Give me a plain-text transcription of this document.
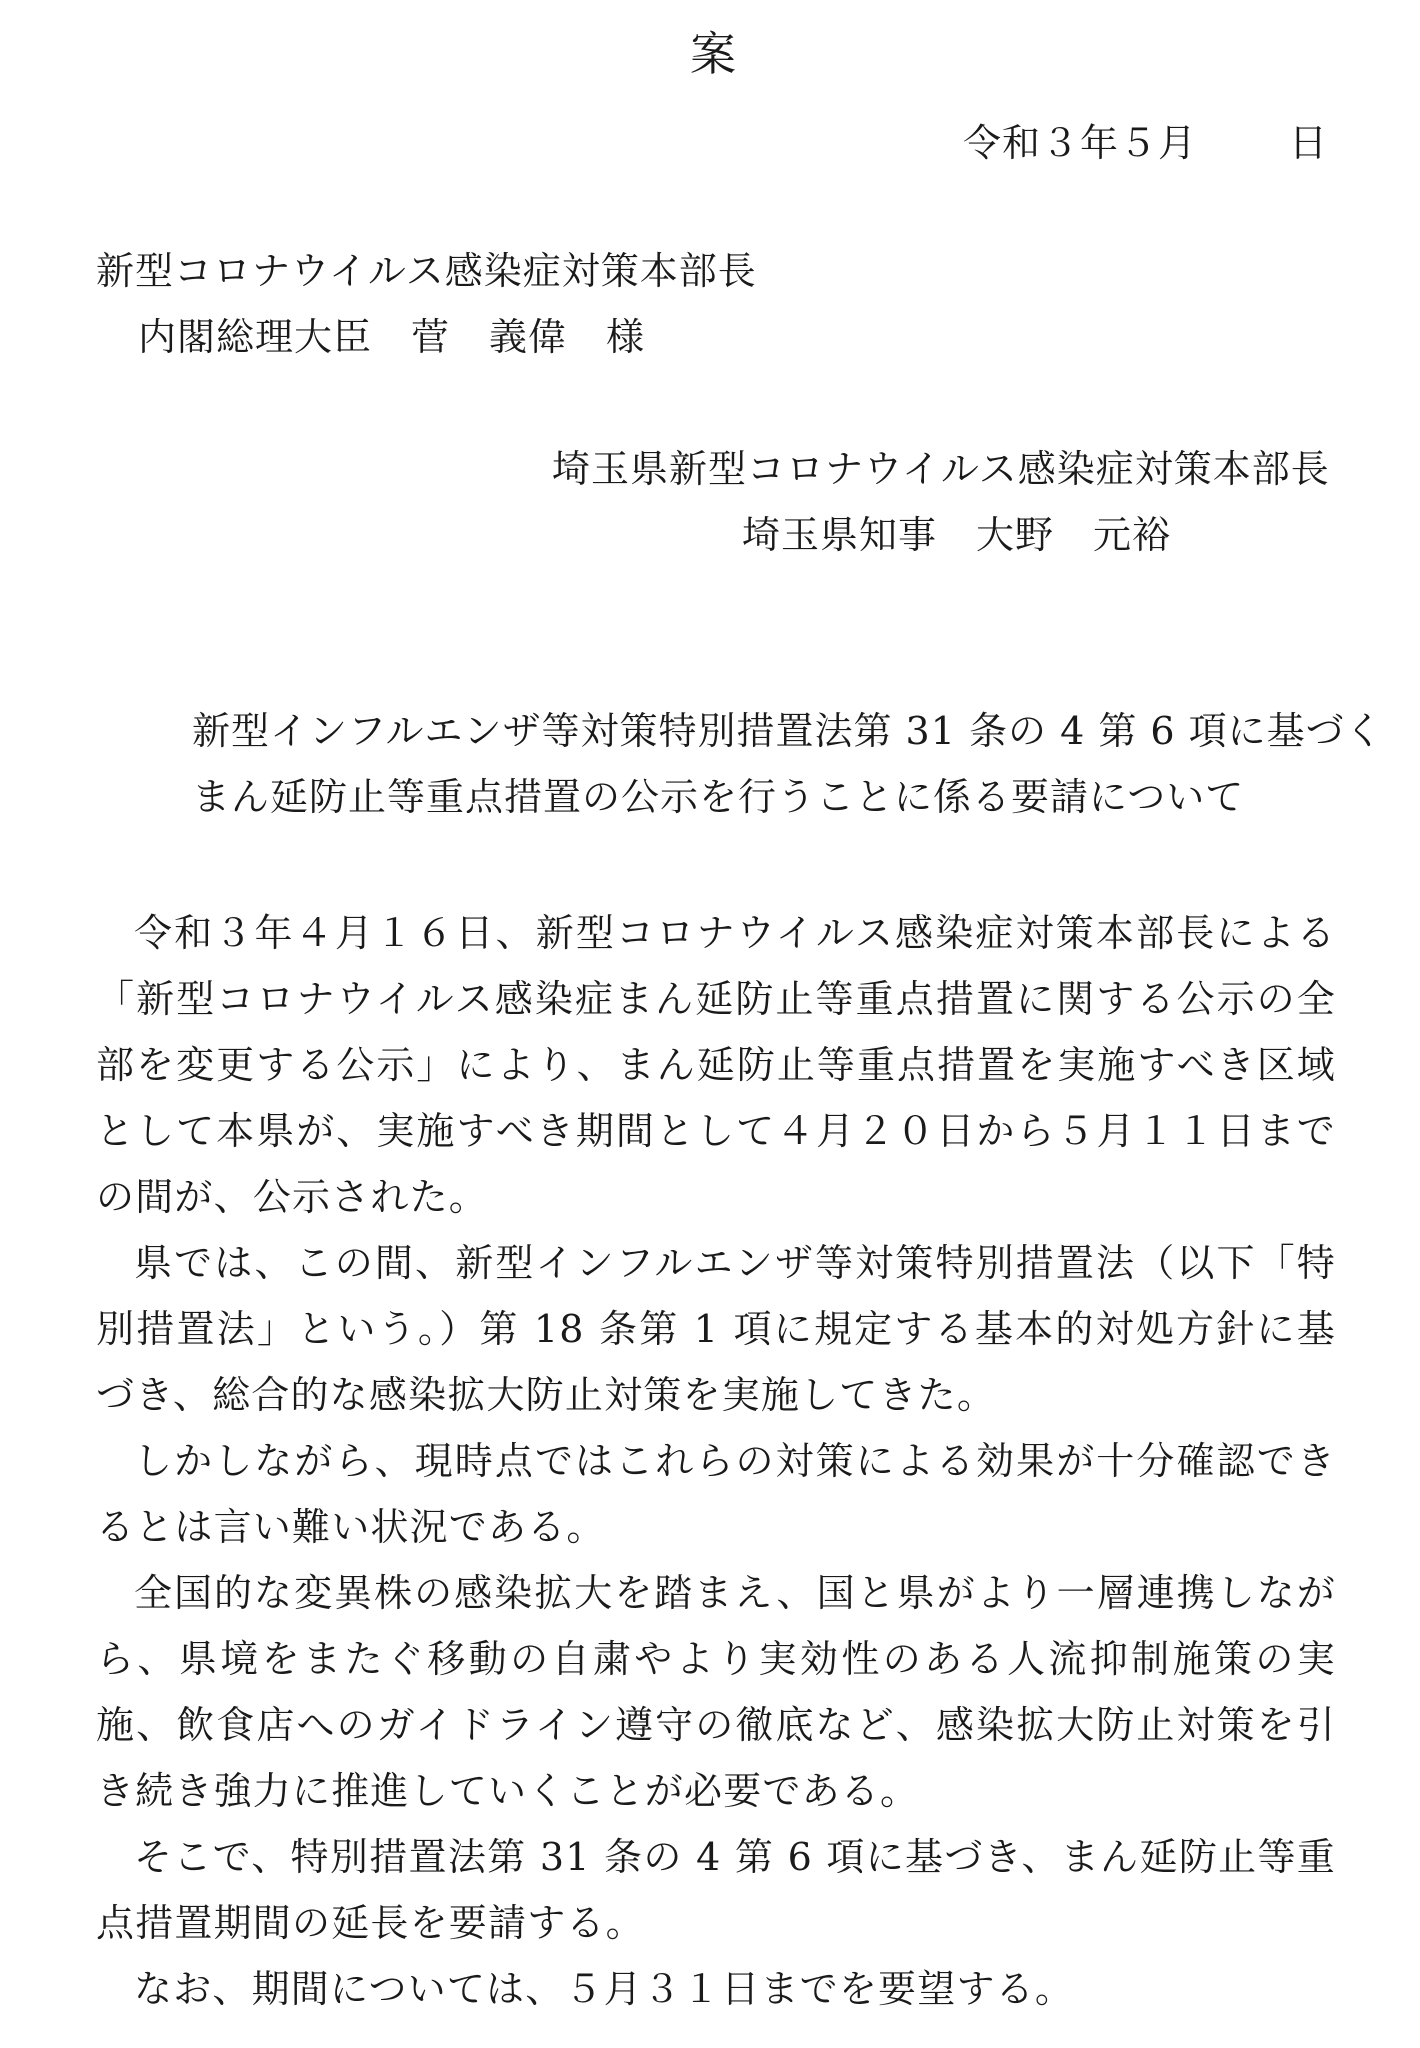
案
令和３年５月 日
新型コロナウイルス感染症対策本部長
内閣総理大臣　菅　義偉　様
埼玉県新型コロナウイルス感染症対策本部長
埼玉県知事　大野　元裕
新型インフルエンザ等対策特別措置法第 31 条の 4 第 6 項に基づく
まん延防止等重点措置の公示を行うことに係る要請について

令和３年４月１６日、新型コロナウイルス感染症対策本部長による「新型コロナウイルス感染症まん延防止等重点措置に関する公示の全部を変更する公示」により、まん延防止等重点措置を実施すべき区域として本県が、実施すべき期間として４月２０日から５月１１日までの間が、公示された。

県では、この間、新型インフルエンザ等対策特別措置法（以下「特別措置法」という。）第 18 条第 1 項に規定する基本的対処方針に基づき、総合的な感染拡大防止対策を実施してきた。

しかしながら、現時点ではこれらの対策による効果が十分確認できるとは言い難い状況である。

全国的な変異株の感染拡大を踏まえ、国と県がより一層連携しながら、県境をまたぐ移動の自粛やより実効性のある人流抑制施策の実施、飲食店へのガイドライン遵守の徹底など、感染拡大防止対策を引き続き強力に推進していくことが必要である。

そこで、特別措置法第 31 条の 4 第 6 項に基づき、まん延防止等重点措置期間の延長を要請する。

なお、期間については、５月３１日までを要望する。
